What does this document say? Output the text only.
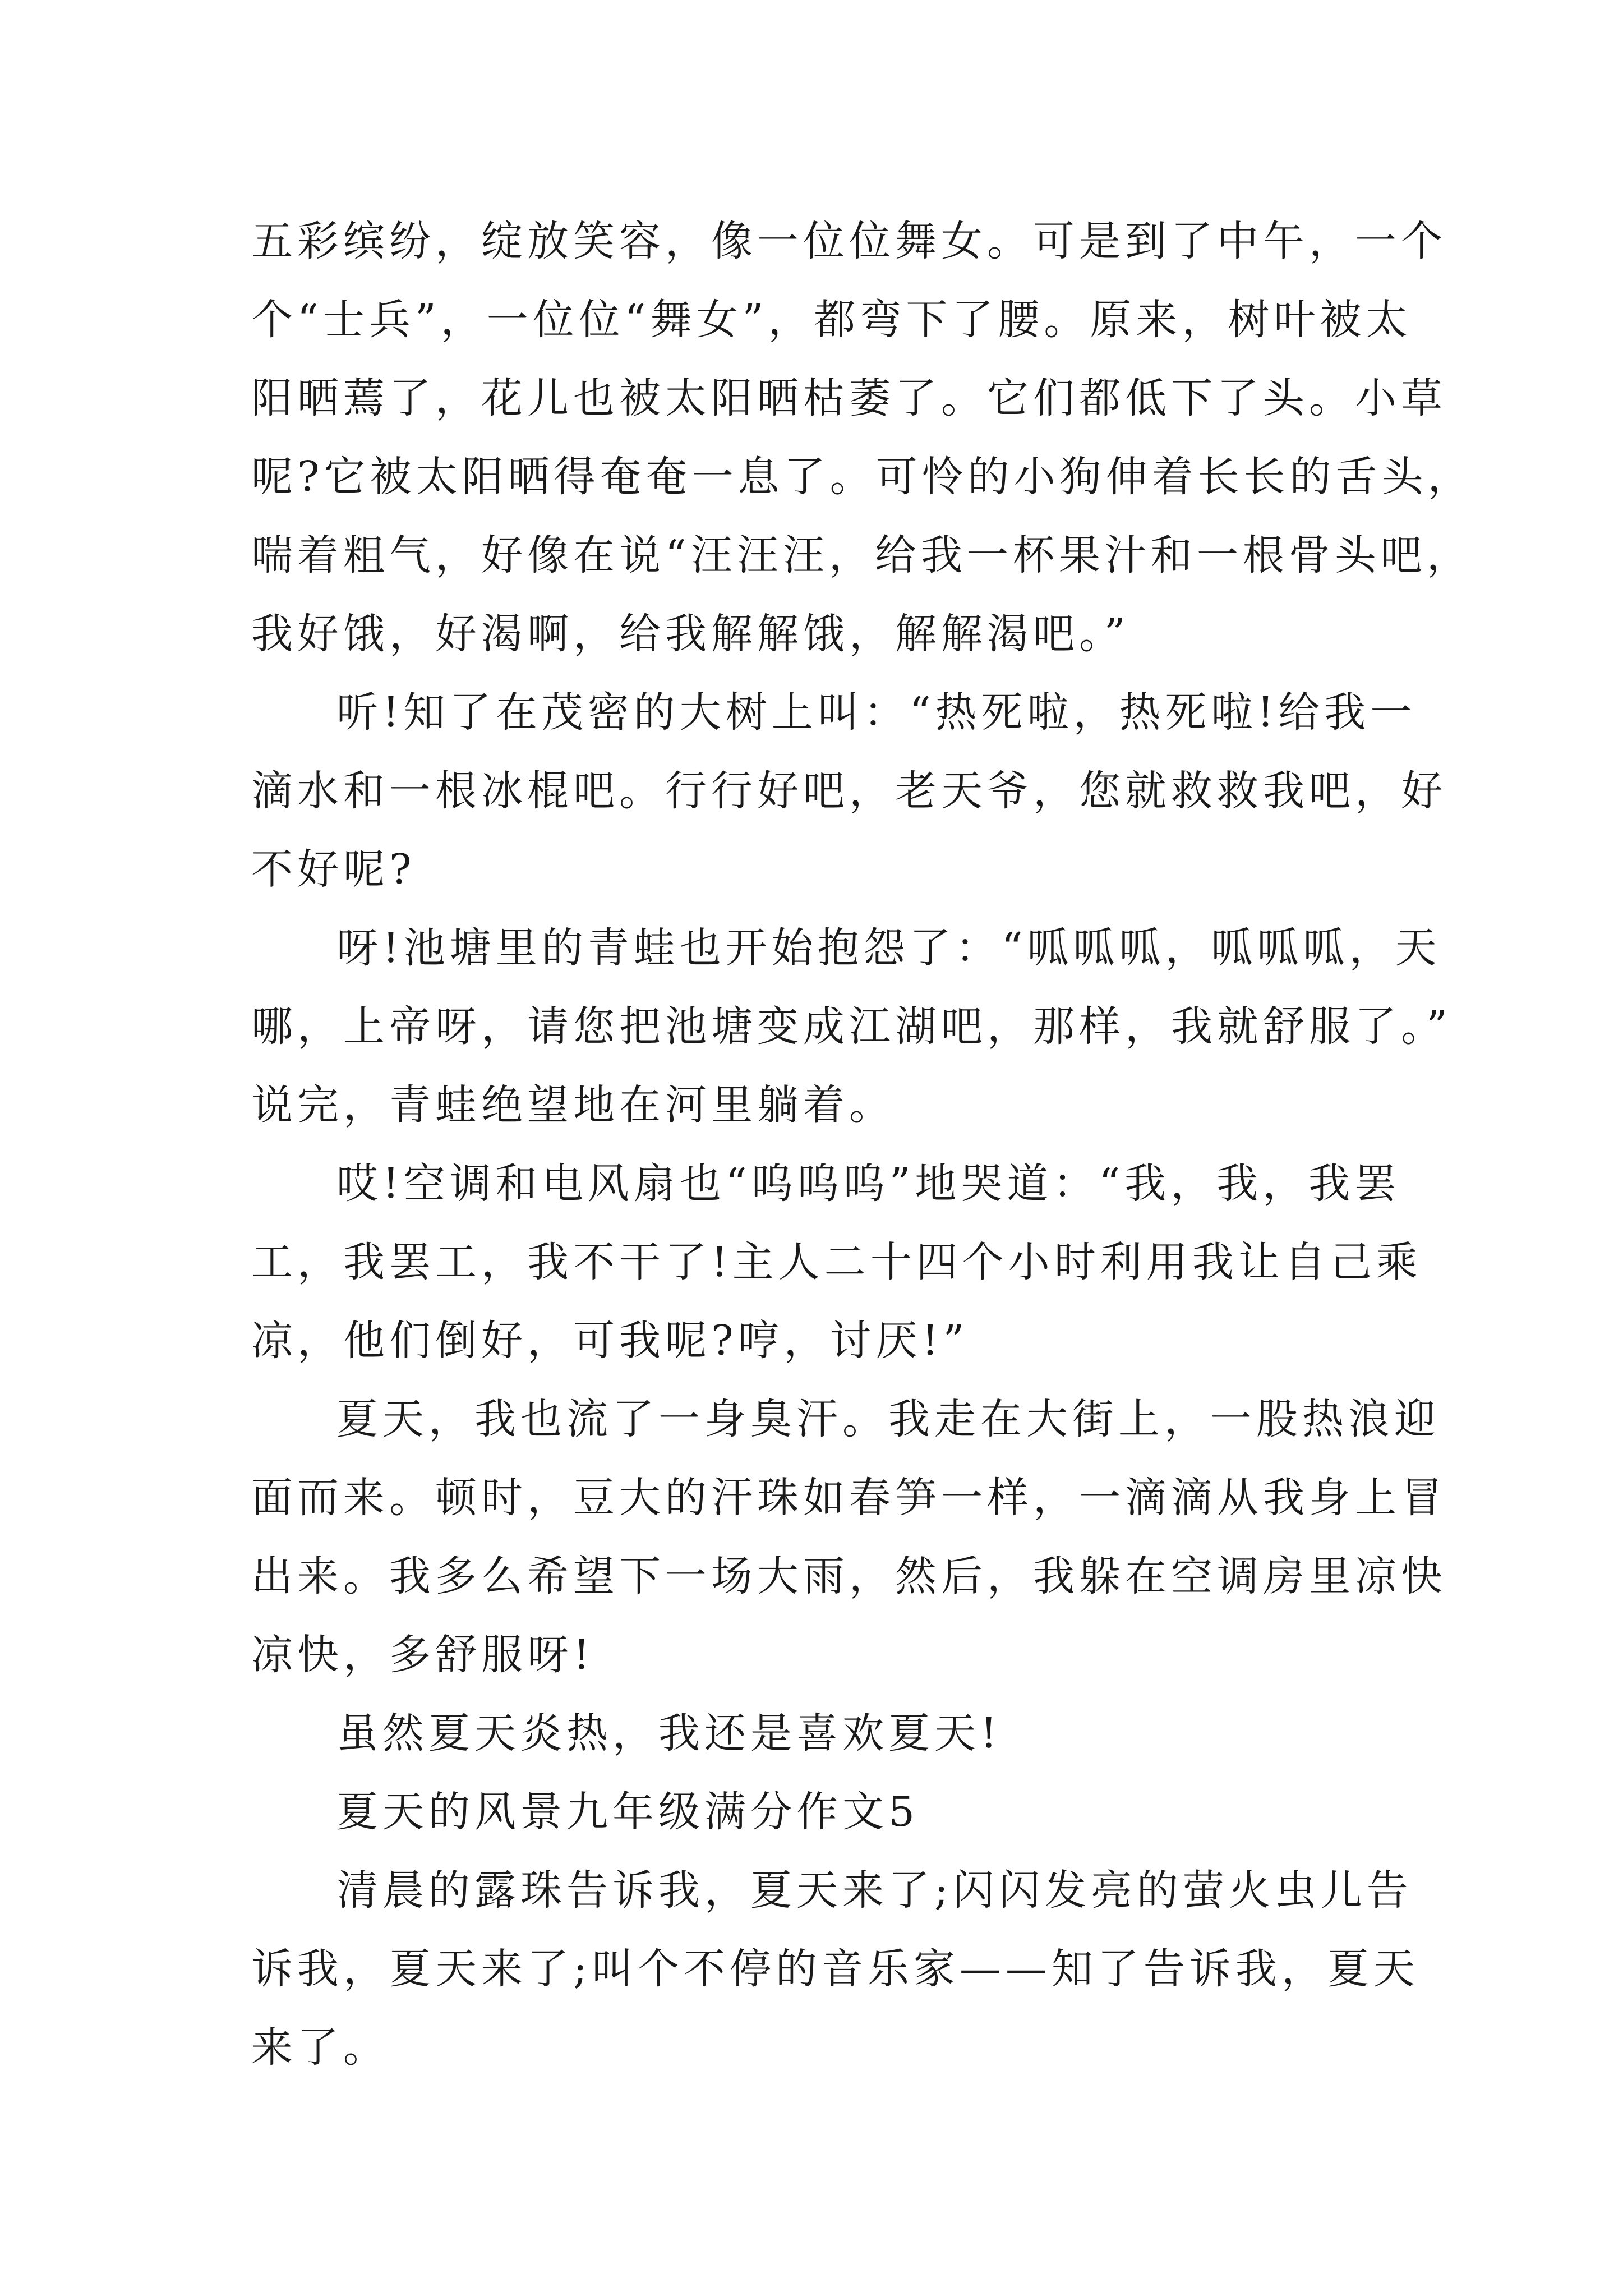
五彩缤纷，绽放笑容，像一位位舞女。可是到了中午，一个
个“士兵”，一位位“舞女”，都弯下了腰。原来，树叶被太
阳晒蔫了，花儿也被太阳晒枯萎了。它们都低下了头。小草
呢?它被太阳晒得奄奄一息了。可怜的小狗伸着长长的舌头，
喘着粗气，好像在说“汪汪汪，给我一杯果汁和一根骨头吧，
我好饿，好渴啊，给我解解饿，解解渴吧。”
听!知了在茂密的大树上叫：“热死啦，热死啦!给我一
滴水和一根冰棍吧。行行好吧，老天爷，您就救救我吧，好
不好呢?
呀!池塘里的青蛙也开始抱怨了：“呱呱呱，呱呱呱，天
哪，上帝呀，请您把池塘变成江湖吧，那样，我就舒服了。”
说完，青蛙绝望地在河里躺着。
哎!空调和电风扇也“呜呜呜”地哭道：“我，我，我罢
工，我罢工，我不干了!主人二十四个小时利用我让自己乘
凉，他们倒好，可我呢?哼，讨厌!”
夏天，我也流了一身臭汗。我走在大街上，一股热浪迎
面而来。顿时，豆大的汗珠如春笋一样，一滴滴从我身上冒
出来。我多么希望下一场大雨，然后，我躲在空调房里凉快
凉快，多舒服呀!
虽然夏天炎热，我还是喜欢夏天!
夏天的风景九年级满分作文5
清晨的露珠告诉我，夏天来了;闪闪发亮的萤火虫儿告
诉我，夏天来了;叫个不停的音乐家——知了告诉我，夏天
来了。
